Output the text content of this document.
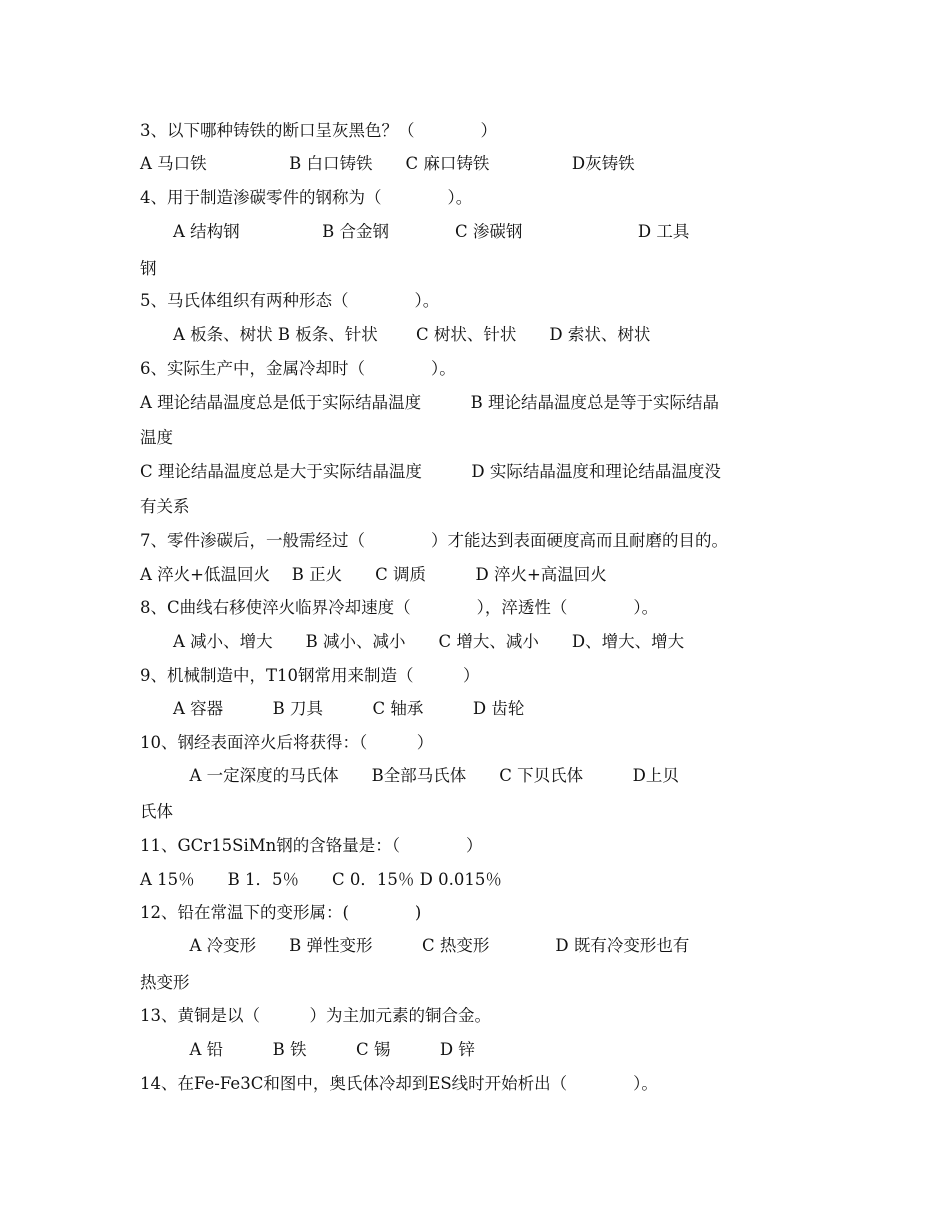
3、以下哪种铸铁的断口呈灰黑色？（　　　　）
A 马口铁　　　　　B 白口铸铁　　C 麻口铸铁　　　　　D灰铸铁
4、用于制造渗碳零件的钢称为（　　　　）。
　　A 结构钢　　　　　B 合金钢　　　　C 渗碳钢　　　　　　　D 工具
钢
5、马氏体组织有两种形态（　　　　）。
　　A 板条、树状 B 板条、针状　　 C 树状、针状　　D 索状、树状
6、实际生产中，金属冷却时（　　　　）。
A 理论结晶温度总是低于实际结晶温度　　　B 理论结晶温度总是等于实际结晶
温度
C 理论结晶温度总是大于实际结晶温度　　　D 实际结晶温度和理论结晶温度没
有关系
7、零件渗碳后，一般需经过（　　　　）才能达到表面硬度高而且耐磨的目的。
A 淬火+低温回火　 B 正火　　C 调质　　　D 淬火+高温回火
8、C曲线右移使淬火临界冷却速度（　　　　），淬透性（　　　　）。
　　A 减小、增大　　B 减小、减小　　C 增大、减小　　D、增大、增大
9、机械制造中，T10钢常用来制造（　　　）
　　A 容器　　　B 刀具　　　C 轴承　　　D 齿轮
10、钢经表面淬火后将获得：（　　　）
　　　A 一定深度的马氏体　　B全部马氏体　　C 下贝氏体　　　D上贝
氏体
11、GCr15SiMn钢的含铬量是：（　　　　）
A 15％　　B 1．5％　　C 0．15％ D 0.015％
12、铅在常温下的变形属：(　　　　)
　　　A 冷变形　　B 弹性变形　　　C 热变形　　　　D 既有冷变形也有
热变形
13、黄铜是以（　　　）为主加元素的铜合金。
　　　A 铅　　　B 铁　　　C 锡　　　D 锌
14、在Fe-Fe3C和图中，奥氏体冷却到ES线时开始析出（　　　　）。
